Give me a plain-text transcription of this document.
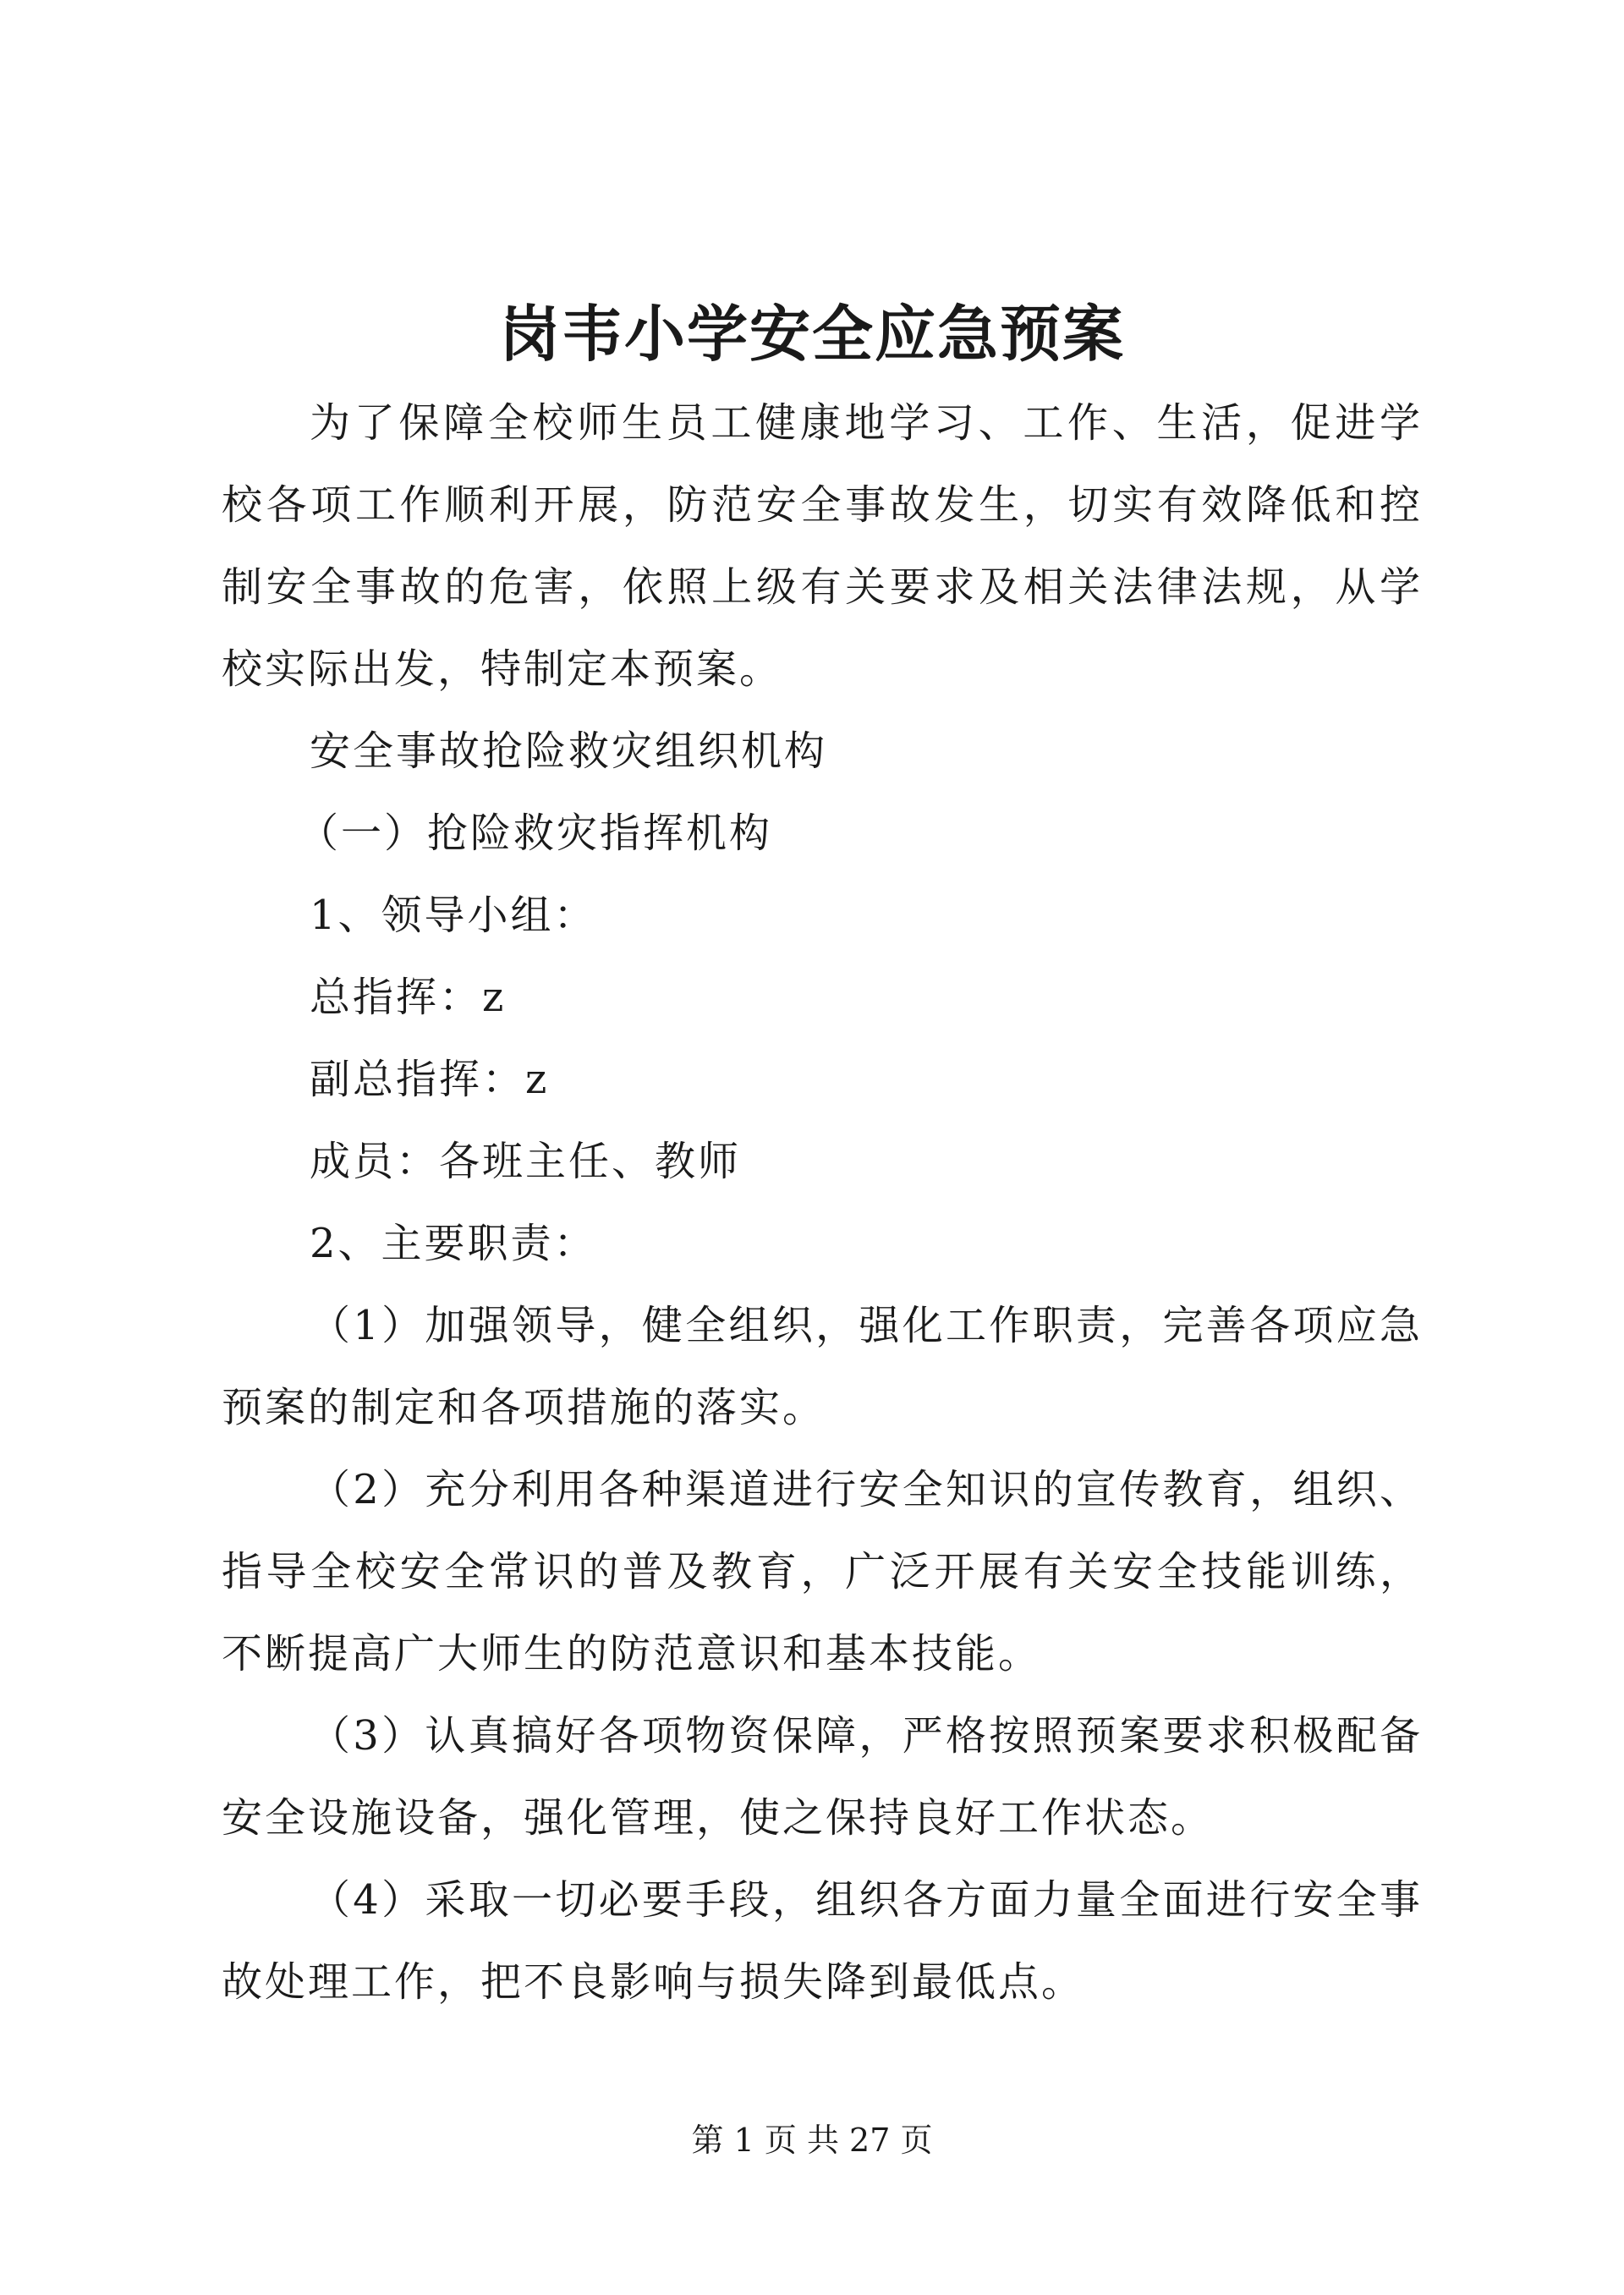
岗韦小学安全应急预案

为了保障全校师生员工健康地学习、工作、生活，促进学校各项工作顺利开展，防范安全事故发生，切实有效降低和控制安全事故的危害，依照上级有关要求及相关法律法规，从学校实际出发，特制定本预案。

安全事故抢险救灾组织机构

（一）抢险救灾指挥机构

1、领导小组：

总指挥：z

副总指挥：z

成员：各班主任、教师

2、主要职责：

（1）加强领导，健全组织，强化工作职责，完善各项应急预案的制定和各项措施的落实。

（2）充分利用各种渠道进行安全知识的宣传教育，组织、指导全校安全常识的普及教育，广泛开展有关安全技能训练，不断提高广大师生的防范意识和基本技能。

（3）认真搞好各项物资保障，严格按照预案要求积极配备安全设施设备，强化管理，使之保持良好工作状态。

（4）采取一切必要手段，组织各方面力量全面进行安全事故处理工作，把不良影响与损失降到最低点。

第 1 页 共 27 页
